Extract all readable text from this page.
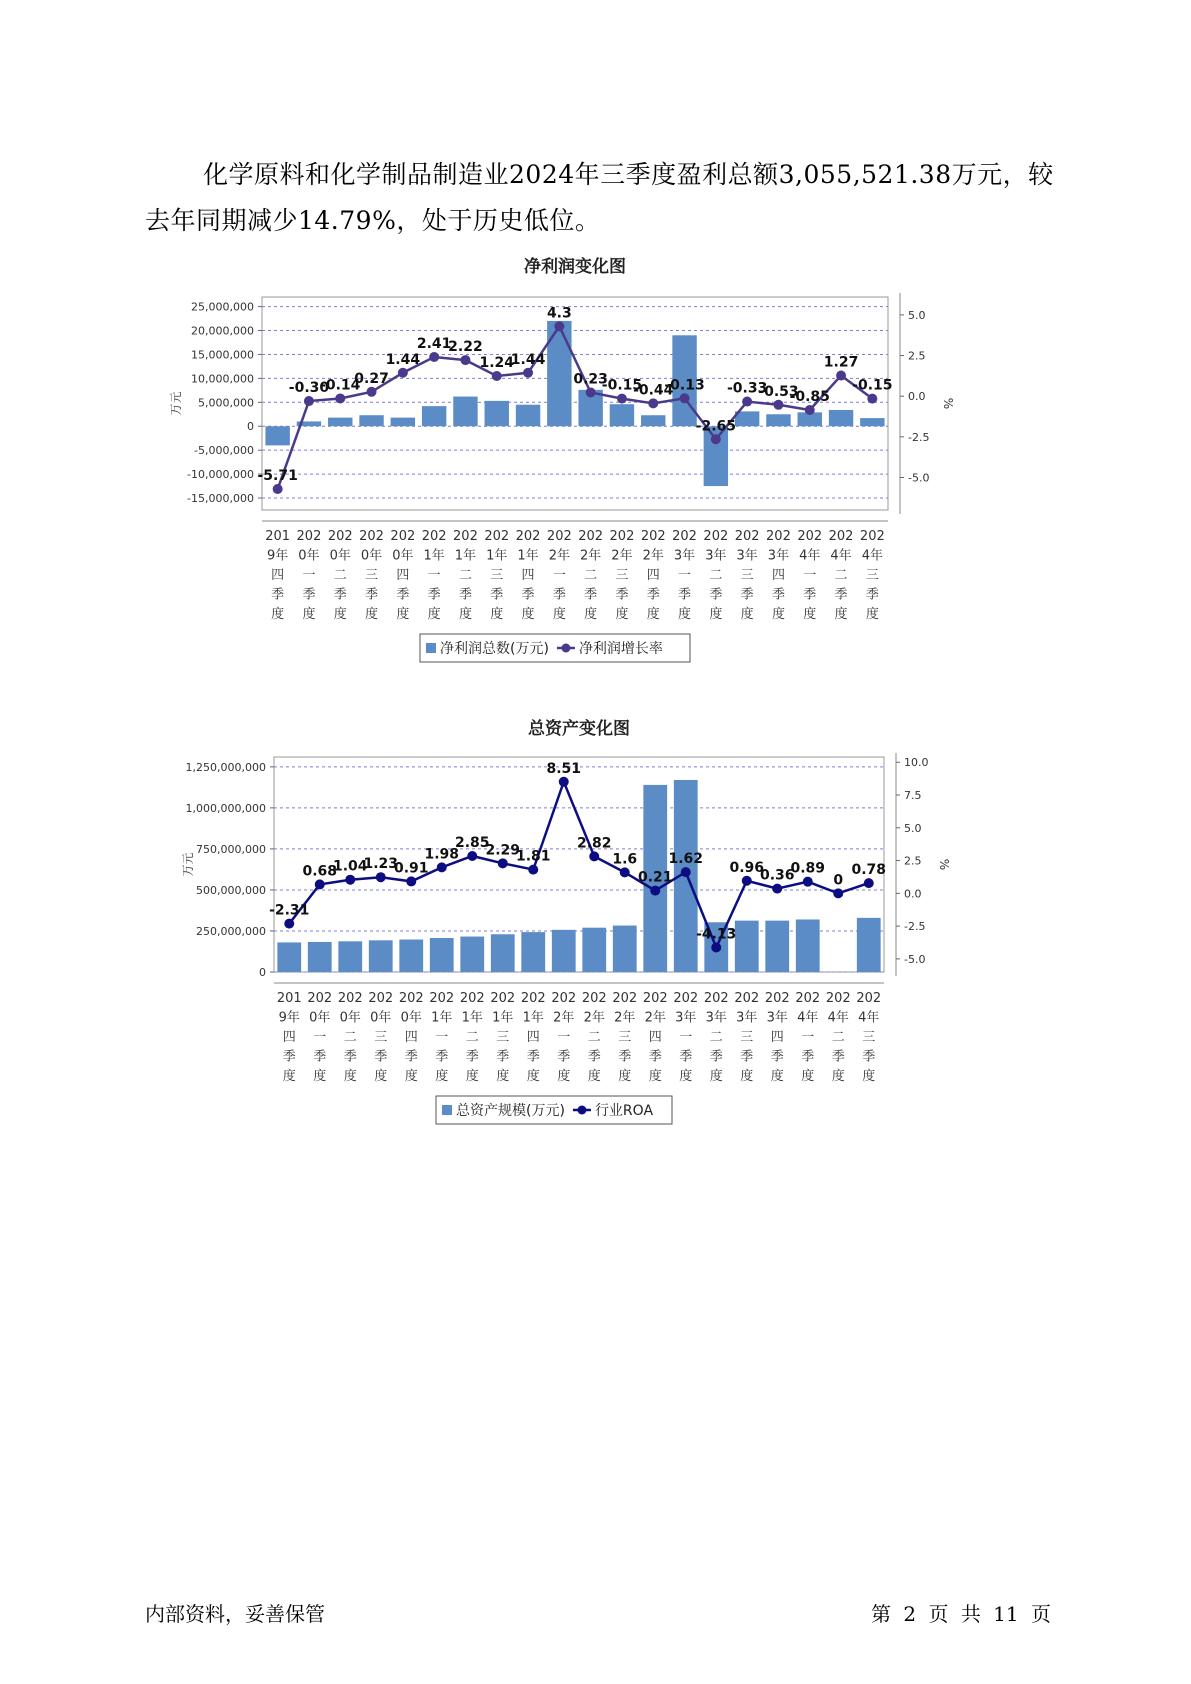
化学原料和化学制品制造业2024年三季度盈利总额3,055,521.38万元，较去年同期减少14.79%，处于历史低位。

净利润变化图
25,000,000
20,000,000
15,000,000
10,000,000
5,000,000
0
-5,000,000
-10,000,000
-15,000,000
5.0
2.5
0.0
-2.5
-5.0
万元	%
201 9年四季度
202 0年一季度
202 0年二季度
202 0年三季度
202 0年四季度
202 1年一季度
202 1年二季度
202 1年三季度
202 1年四季度
202 2年一季度
202 2年二季度
202 2年三季度
202 2年四季度
202 3年一季度
202 3年二季度
202 3年三季度
202 3年四季度
202 4年一季度
202 4年二季度
202 4年三季度
-5.71
-0.30
-0.14
0.27
1.44
2.41
2.22
1.24
1.44
4.3
0.23
-0.15
-0.44
-0.13
-2.65
-0.33
-0.53
-0.85
1.27
-0.15
净利润总数(万元) 净利润增长率
总资产变化图
1,250,000,000
1,000,000,000
750,000,000
500,000,000
250,000,000
0
10.0
7.5
5.0
2.5
0.0
-2.5
-5.0
万元	%
201 9年四季度
202 0年一季度
202 0年二季度
202 0年三季度
202 0年四季度
202 1年一季度
202 1年二季度
202 1年三季度
202 1年四季度
202 2年一季度
202 2年二季度
202 2年三季度
202 2年四季度
202 3年一季度
202 3年二季度
202 3年三季度
202 3年四季度
202 4年一季度
202 4年二季度
202 4年三季度
-2.31
0.68
1.04
1.23
0.91
1.98
2.85
2.29
1.81
8.51
2.82
1.6
0.21
1.62
-4.13
0.96
0.36
0.89
0
0.78
总资产规模(万元) 行业ROA
内部资料，妥善保管	第 2 页 共 11 页
